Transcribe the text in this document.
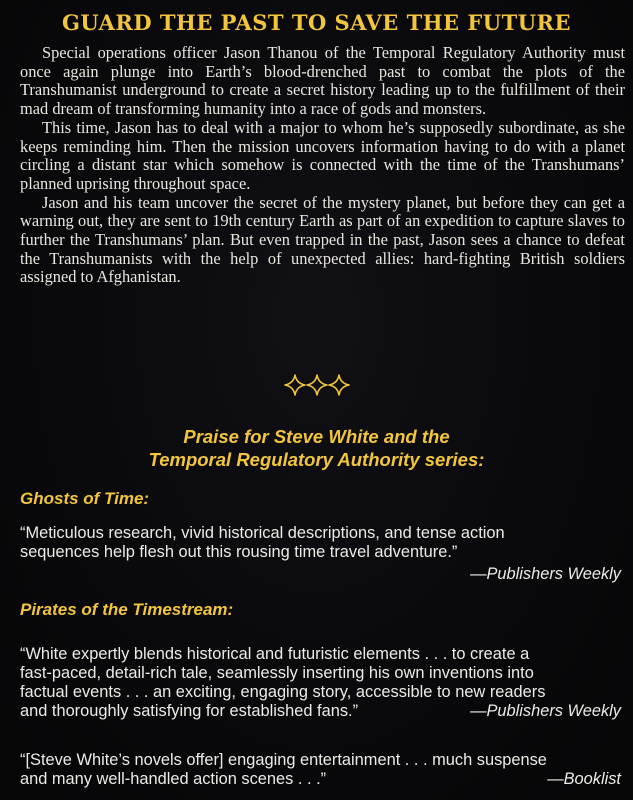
GUARD THE PAST TO SAVE THE FUTURE

Special operations officer Jason Thanou of the Temporal Regulatory Authority must once again plunge into Earth’s blood-drenched past to combat the plots of the Transhumanist underground to create a secret history leading up to the fulfillment of their mad dream of transforming humanity into a race of gods and monsters.

This time, Jason has to deal with a major to whom he’s supposedly subordinate, as she keeps reminding him. Then the mission uncovers information having to do with a planet circling a distant star which somehow is connected with the time of the Transhumans’ planned uprising throughout space.

Jason and his team uncover the secret of the mystery planet, but before they can get a warning out, they are sent to 19th century Earth as part of an expedition to capture slaves to further the Transhumans’ plan. But even trapped in the past, Jason sees a chance to defeat the Transhumanists with the help of unexpected allies: hard-fighting British soldiers assigned to Afghanistan.

Praise for Steve White and the
Temporal Regulatory Authority series:
Ghosts of Time:
“Meticulous research, vivid historical descriptions, and tense action
sequences help flesh out this rousing time travel adventure.”
—Publishers Weekly
Pirates of the Timestream:
“White expertly blends historical and futuristic elements . . . to create a
fast-paced, detail-rich tale, seamlessly inserting his own inventions into
factual events . . . an exciting, engaging story, accessible to new readers
and thoroughly satisfying for established fans.”	—Publishers Weekly
“[Steve White’s novels offer] engaging entertainment . . . much suspense
and many well-handled action scenes . . .”	—Booklist
